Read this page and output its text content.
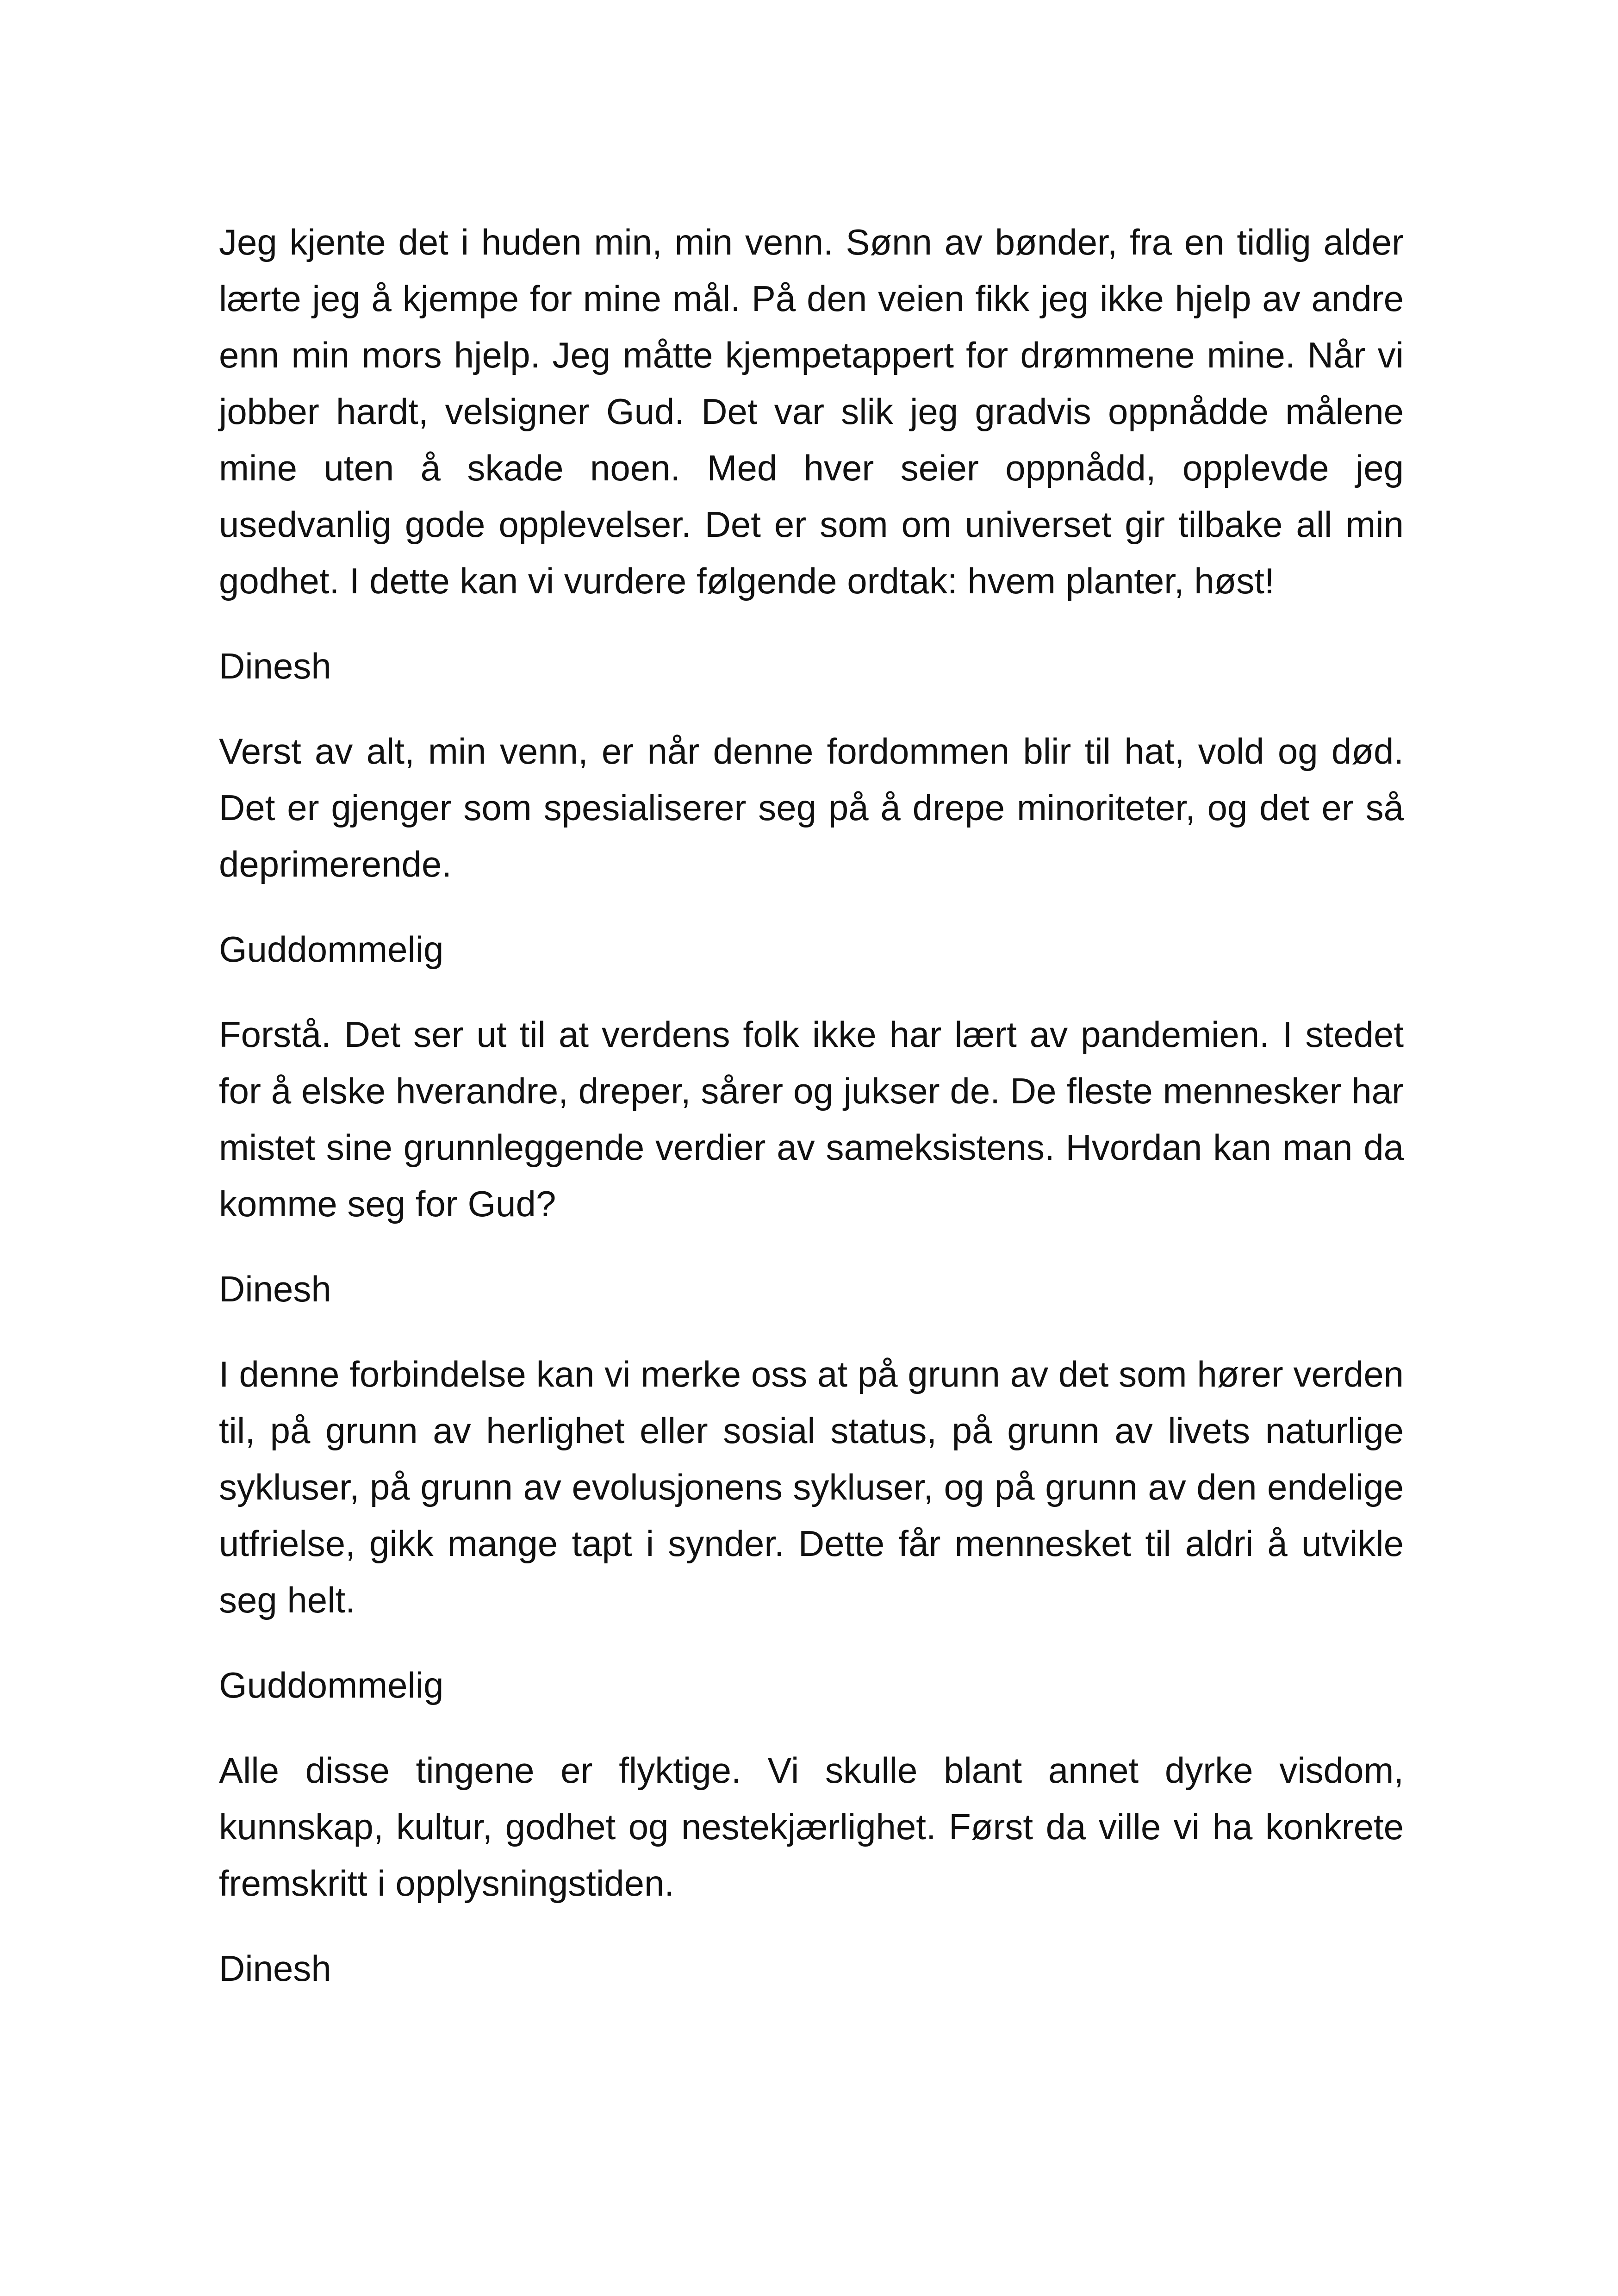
Jeg kjente det i huden min, min venn. Sønn av bønder, fra en tidlig alder lærte jeg å kjempe for mine mål. På den veien fikk jeg ikke hjelp av andre enn min mors hjelp. Jeg måtte kjempetappert for drømmene mine. Når vi jobber hardt, velsigner Gud. Det var slik jeg gradvis oppnådde målene mine uten å skade noen. Med hver seier oppnådd, opplevde jeg usedvanlig gode opplevelser. Det er som om universet gir tilbake all min godhet. I dette kan vi vurdere følgende ordtak: hvem planter, høst!

Dinesh

Verst av alt, min venn, er når denne fordommen blir til hat, vold og død. Det er gjenger som spesialiserer seg på å drepe minoriteter, og det er så deprimerende.

Guddommelig

Forstå. Det ser ut til at verdens folk ikke har lært av pandemien. I stedet for å elske hverandre, dreper, sårer og jukser de. De fleste mennesker har mistet sine grunnleggende verdier av sameksistens. Hvordan kan man da komme seg for Gud?

Dinesh

I denne forbindelse kan vi merke oss at på grunn av det som hører verden til, på grunn av herlighet eller sosial status, på grunn av livets naturlige sykluser, på grunn av evolusjonens sykluser, og på grunn av den endelige utfrielse, gikk mange tapt i synder. Dette får mennesket til aldri å utvikle seg helt.

Guddommelig

Alle disse tingene er flyktige. Vi skulle blant annet dyrke visdom, kunnskap, kultur, godhet og nestekjærlighet. Først da ville vi ha konkrete fremskritt i opplysningstiden.

Dinesh
